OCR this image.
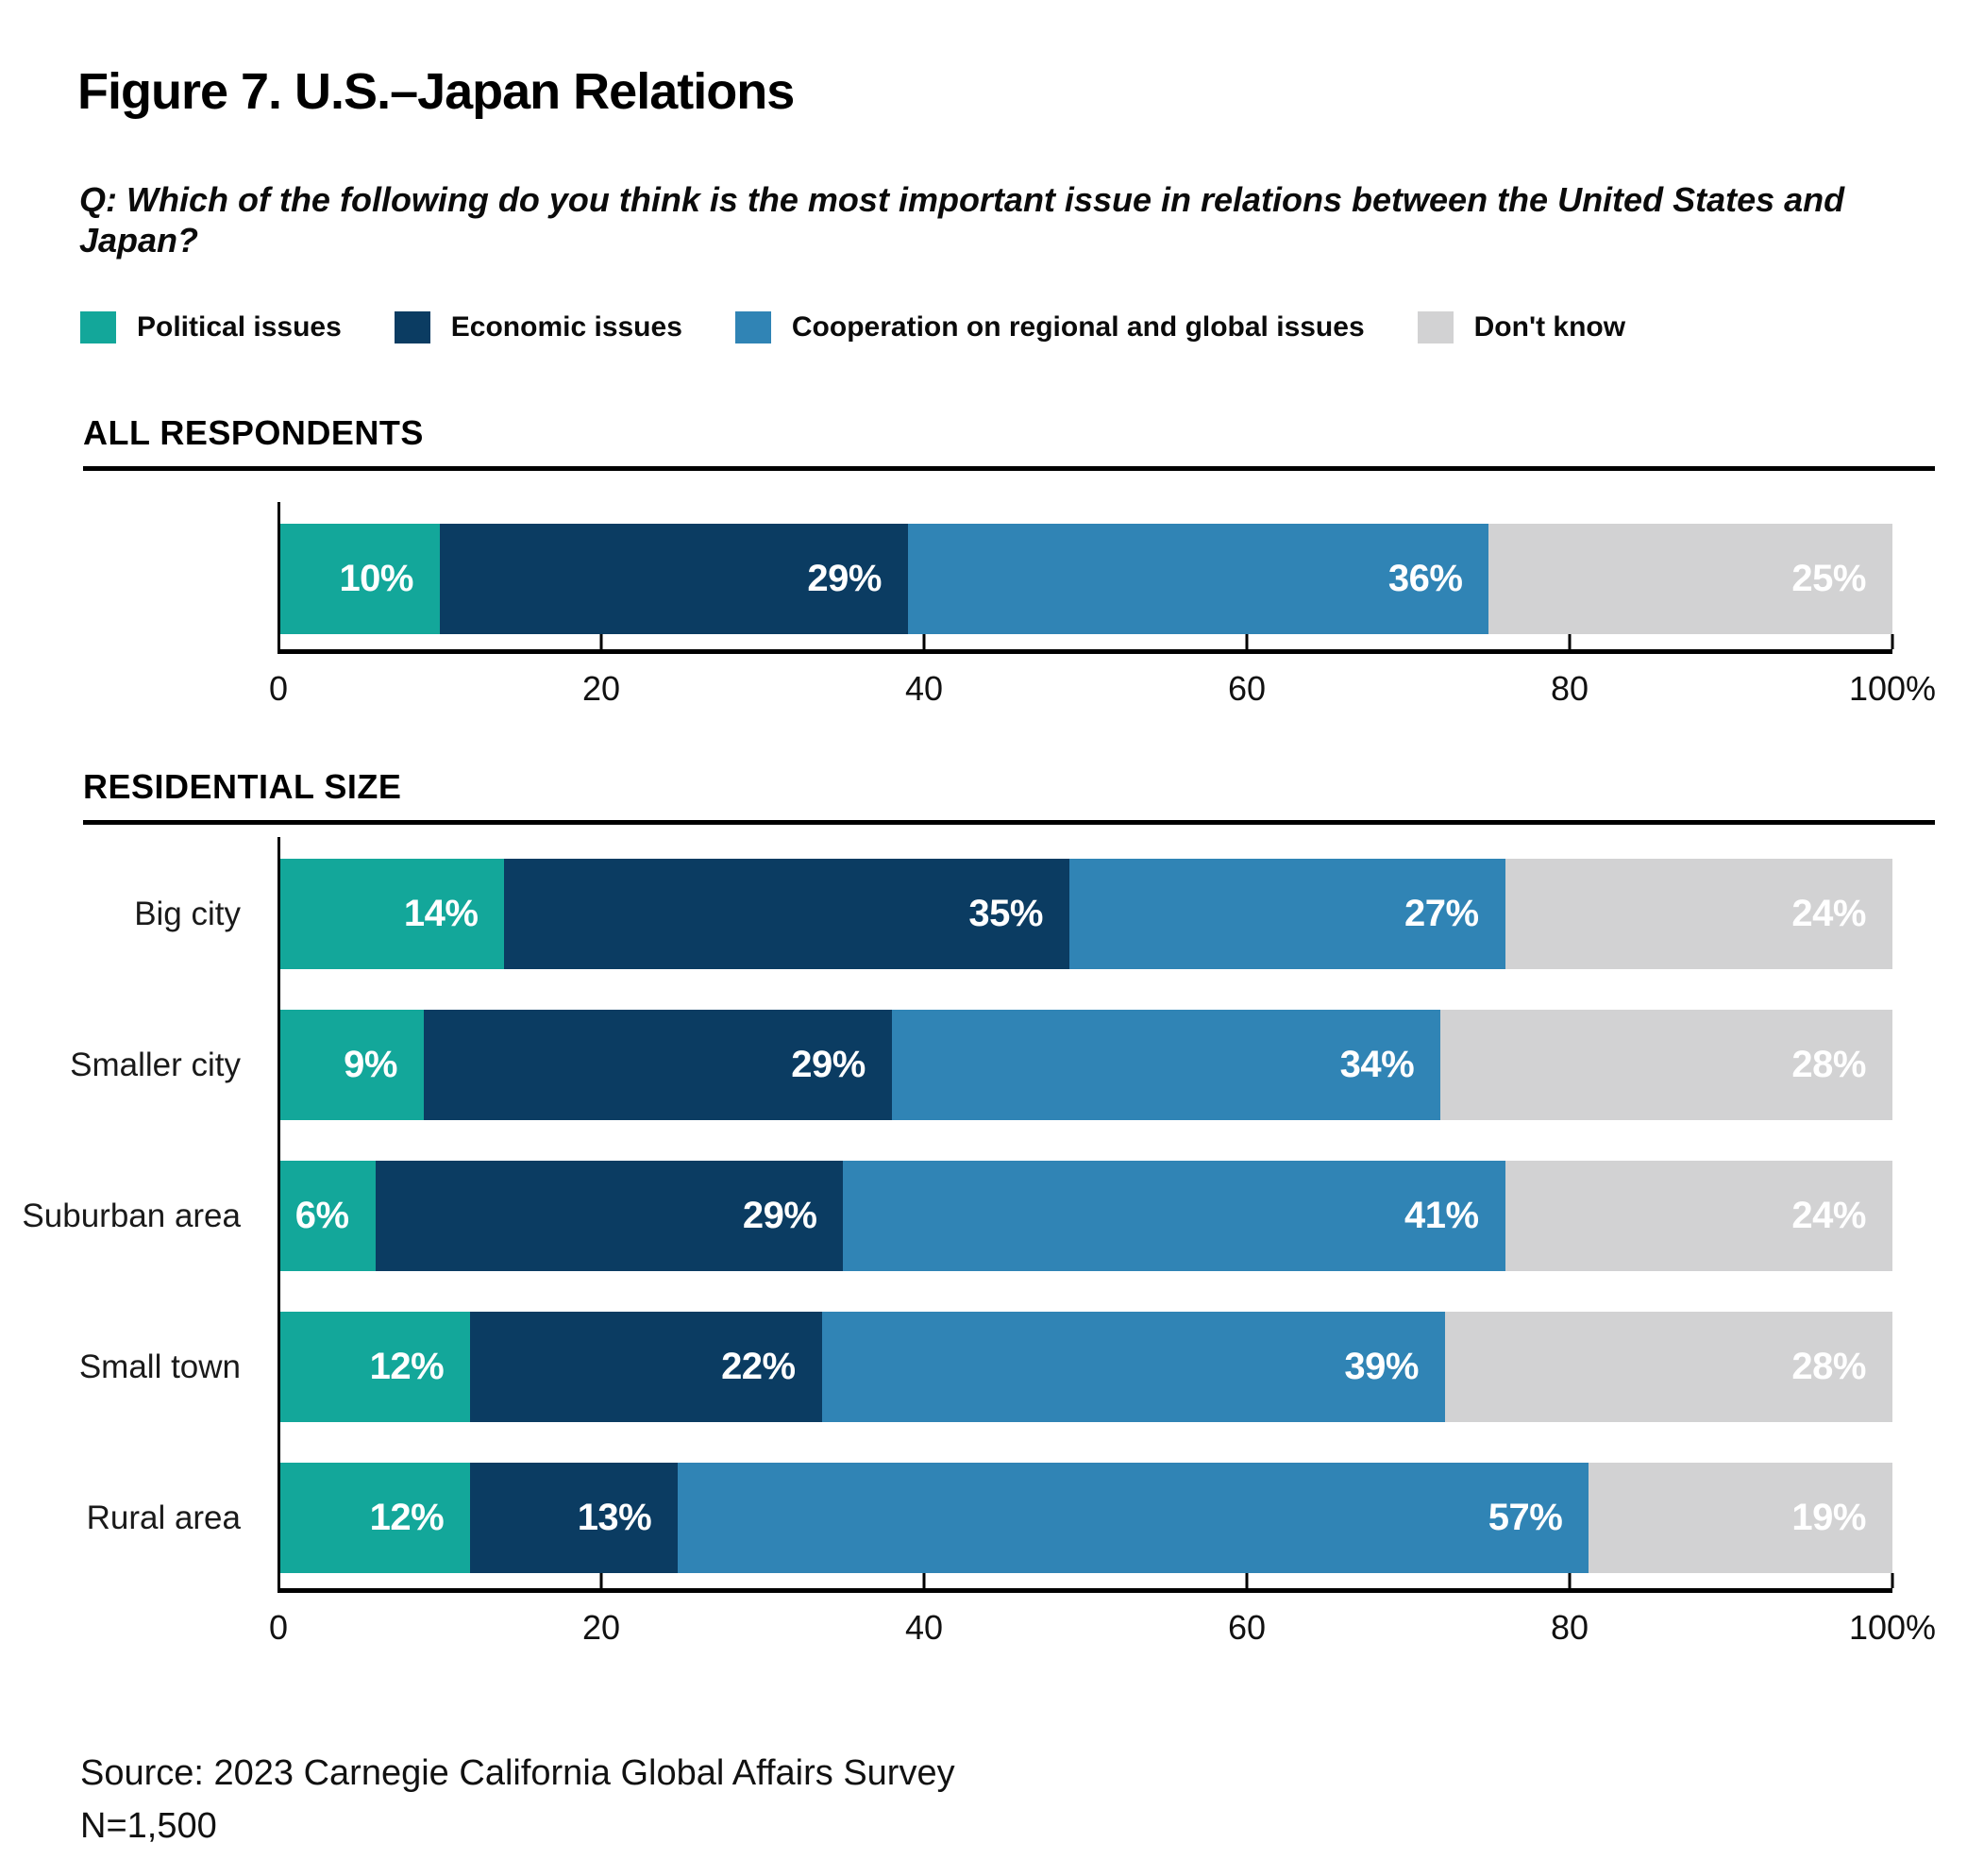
Figure 7. U.S.–Japan Relations
Q: Which of the following do you think is the most important issue in relations between the United States and Japan?
Political issues	Economic issues	Cooperation on regional and global issues	Don't know
ALL RESPONDENTS
10%	29%	36%	25%
0	20	40	60	80	100%
RESIDENTIAL SIZE
Big city	14%	35%	27%	24%
Smaller city	9%	29%	34%	28%
Suburban area 6%	29%	41%	24%
Small town	12%	22%	39%	28%
Rural area	12%	13%	57%	19%
0	20	40	60	80	100%

Source: 2023 Carnegie California Global Affairs Survey

N=1,500
